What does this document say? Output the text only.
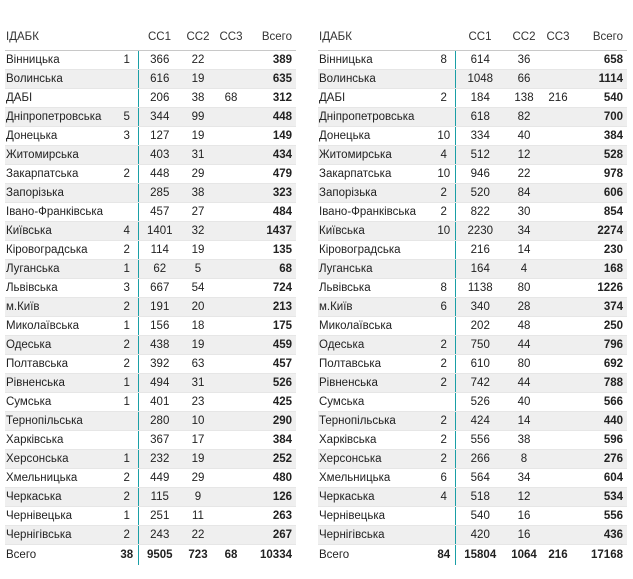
ІДАБК		СС1	СС2	СС3	Всего
Вінницька	1	366	22		389
Волинська		616	19		635
ДАБІ		206	38	68	312
Дніпропетровська	5	344	99		448
Донецька	3	127	19		149
Житомирська		403	31		434
Закарпатська	2	448	29		479
Запорізька		285	38		323
Івано-Франківська		457	27		484
Київська	4	1401	32		1437
Кіровоградська	2	114	19		135
Луганська	1	62	5		68
Львівська	3	667	54		724
м.Київ	2	191	20		213
Миколаївська	1	156	18		175
Одеська	2	438	19		459
Полтавська	2	392	63		457
Рівненська	1	494	31		526
Сумська	1	401	23		425
Тернопільська		280	10		290
Харківська		367	17		384
Херсонська	1	232	19		252
Хмельницька	2	449	29		480
Черкаська	2	115	9		126
Чернівецька	1	251	11		263
Чернігівська	2	243	22		267
Всего	38	9505	723	68	10334
ІДАБК		СС1	СС2	СС3	Всего
Вінницька	8	614	36		658
Волинська		1048	66		1114
ДАБІ	2	184	138	216	540
Дніпропетровська		618	82		700
Донецька	10	334	40		384
Житомирська	4	512	12		528
Закарпатська	10	946	22		978
Запорізька	2	520	84		606
Івано-Франківська	2	822	30		854
Київська	10	2230	34		2274
Кіровоградська		216	14		230
Луганська		164	4		168
Львівська	8	1138	80		1226
м.Київ	6	340	28		374
Миколаївська		202	48		250
Одеська	2	750	44		796
Полтавська	2	610	80		692
Рівненська	2	742	44		788
Сумська		526	40		566
Тернопільська	2	424	14		440
Харківська	2	556	38		596
Херсонська	2	266	8		276
Хмельницька	6	564	34		604
Черкаська	4	518	12		534
Чернівецька		540	16		556
Чернігівська		420	16		436
Всего	84	15804	1064	216	17168
